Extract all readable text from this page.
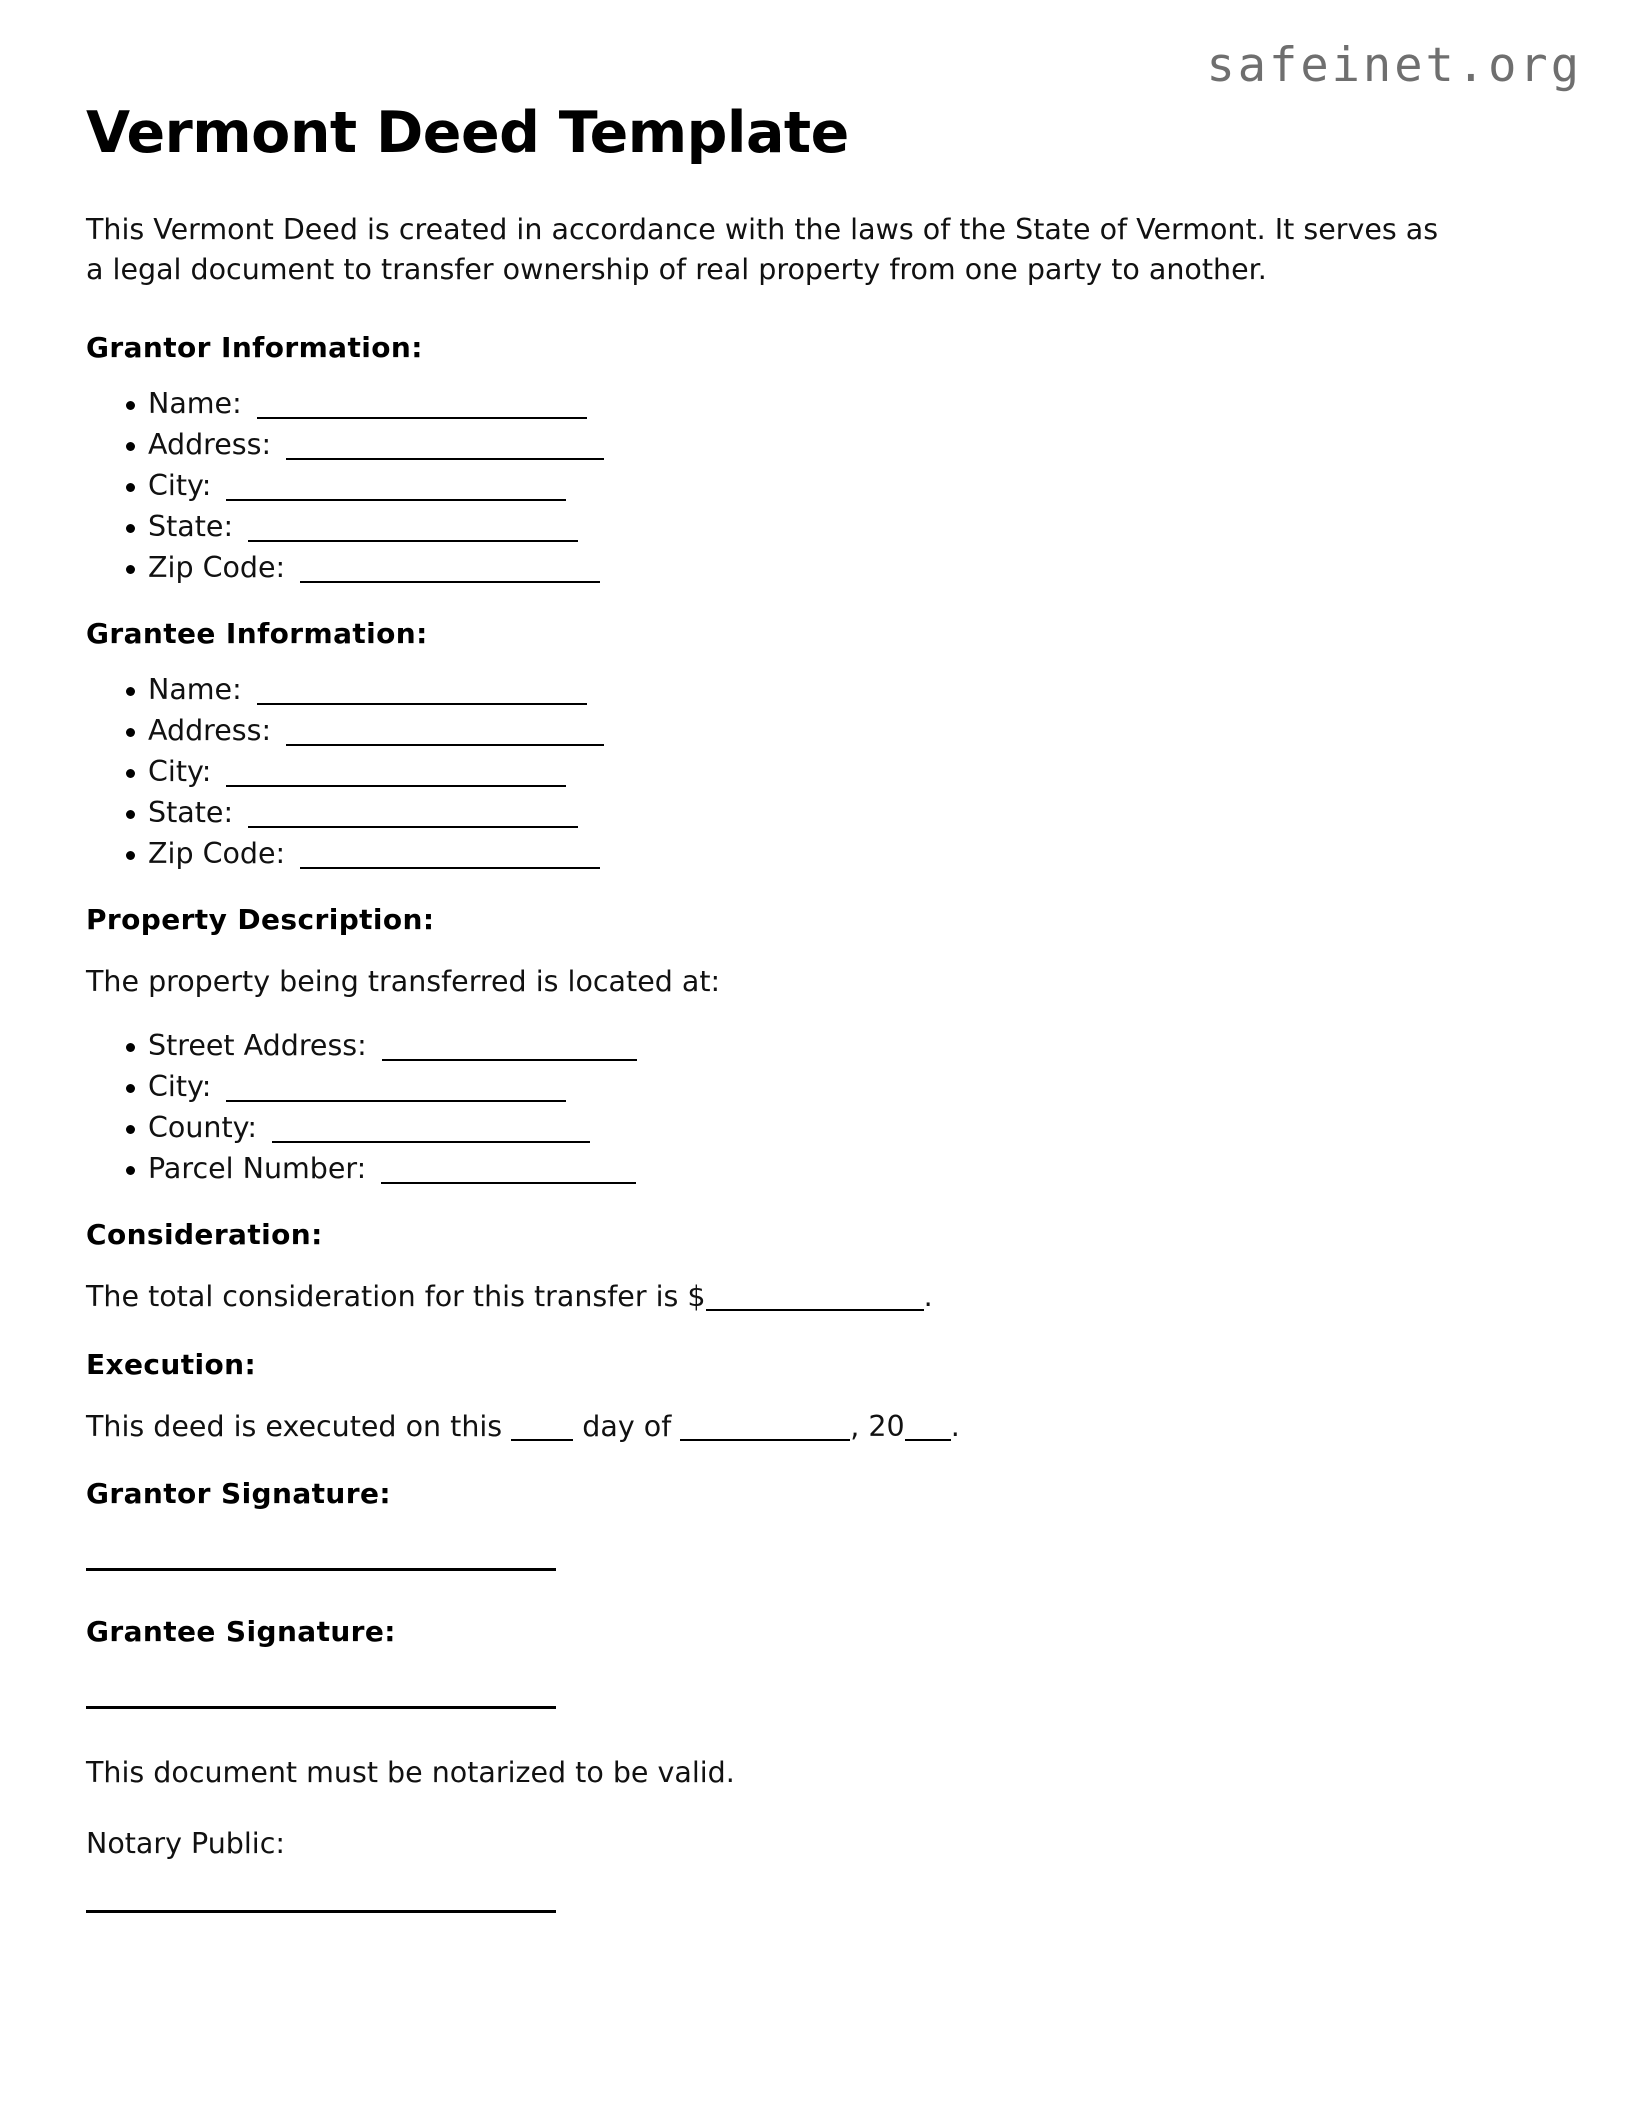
safeinet.org
Vermont Deed Template

This Vermont Deed is created in accordance with the laws of the State of Vermont. It serves as a legal document to transfer ownership of real property from one party to another.

Grantor Information:
Name:
Address:
City:
State:
Zip Code:
Grantee Information:
Name:
Address:
City:
State:
Zip Code:
Property Description:

The property being transferred is located at:

Street Address:
City:
County:
Parcel Number:
Consideration:

The total consideration for this transfer is $	.

Execution:

This deed is executed on this	day of	, 20 .

Grantor Signature:
Grantee Signature:

This document must be notarized to be valid.

Notary Public:
